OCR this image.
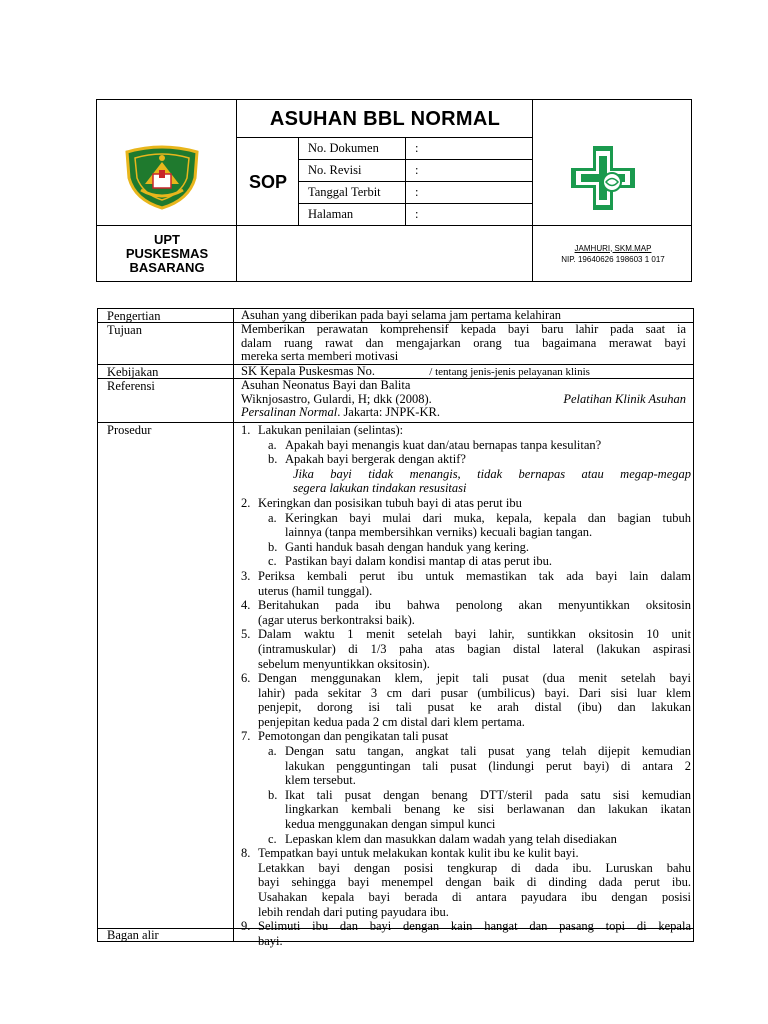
ASUHAN BBL NORMAL
SOP
No. Dokumen	:
No. Revisi	:
Tanggal Terbit	:
Halaman	:
UPT
PUSKESMAS
BASARANG
JAMHURI, SKM.MAP
NIP. 19640626 198603 1 017
Pengertian	Asuhan yang diberikan pada bayi selama jam pertama kelahiran
Tujuan	Memberikan perawatan komprehensif kepada bayi baru lahir pada saat ia
dalam ruang rawat dan mengajarkan orang tua bagaimana merawat bayi
mereka serta memberi motivasi
Kebijakan	SK Kepala Puskesmas No.	/ tentang jenis-jenis pelayanan klinis
Referensi	Asuhan Neonatus Bayi dan Balita
Wiknjosastro, Gulardi, H; dkk (2008).	Pelatihan Klinik Asuhan
Persalinan Normal. Jakarta: JNPK-KR.
Prosedur	1. Lakukan penilaian (selintas):
a. Apakah bayi menangis kuat dan/atau bernapas tanpa kesulitan?
b. Apakah bayi bergerak dengan aktif?
Jika bayi tidak menangis, tidak bernapas atau megap-megap
segera lakukan tindakan resusitasi
2. Keringkan dan posisikan tubuh bayi di atas perut ibu
a. Keringkan bayi mulai dari muka, kepala, kepala dan bagian tubuh
lainnya (tanpa membersihkan verniks) kecuali bagian tangan.
b. Ganti handuk basah dengan handuk yang kering.
c. Pastikan bayi dalam kondisi mantap di atas perut ibu.
3. Periksa kembali perut ibu untuk memastikan tak ada bayi lain dalam
uterus (hamil tunggal).
4. Beritahukan pada ibu bahwa penolong akan menyuntikkan oksitosin
(agar uterus berkontraksi baik).
5. Dalam waktu 1 menit setelah bayi lahir, suntikkan oksitosin 10 unit
(intramuskular) di 1/3 paha atas bagian distal lateral (lakukan aspirasi
sebelum menyuntikkan oksitosin).
6. Dengan menggunakan klem, jepit tali pusat (dua menit setelah bayi
lahir) pada sekitar 3 cm dari pusar (umbilicus) bayi. Dari sisi luar klem
penjepit, dorong isi tali pusat ke arah distal (ibu) dan lakukan
penjepitan kedua pada 2 cm distal dari klem pertama.
7. Pemotongan dan pengikatan tali pusat
a. Dengan satu tangan, angkat tali pusat yang telah dijepit kemudian
lakukan pengguntingan tali pusat (lindungi perut bayi) di antara 2
klem tersebut.
b. Ikat tali pusat dengan benang DTT/steril pada satu sisi kemudian
lingkarkan kembali benang ke sisi berlawanan dan lakukan ikatan
kedua menggunakan dengan simpul kunci
c. Lepaskan klem dan masukkan dalam wadah yang telah disediakan
8. Tempatkan bayi untuk melakukan kontak kulit ibu ke kulit bayi.
Letakkan bayi dengan posisi tengkurap di dada ibu. Luruskan bahu
bayi sehingga bayi menempel dengan baik di dinding dada perut ibu.
Usahakan kepala bayi berada di antara payudara ibu dengan posisi
lebih rendah dari puting payudara ibu.
9. Selimuti ibu dan bayi dengan kain hangat dan pasang topi di kepala
bayi.
Bagan alir
